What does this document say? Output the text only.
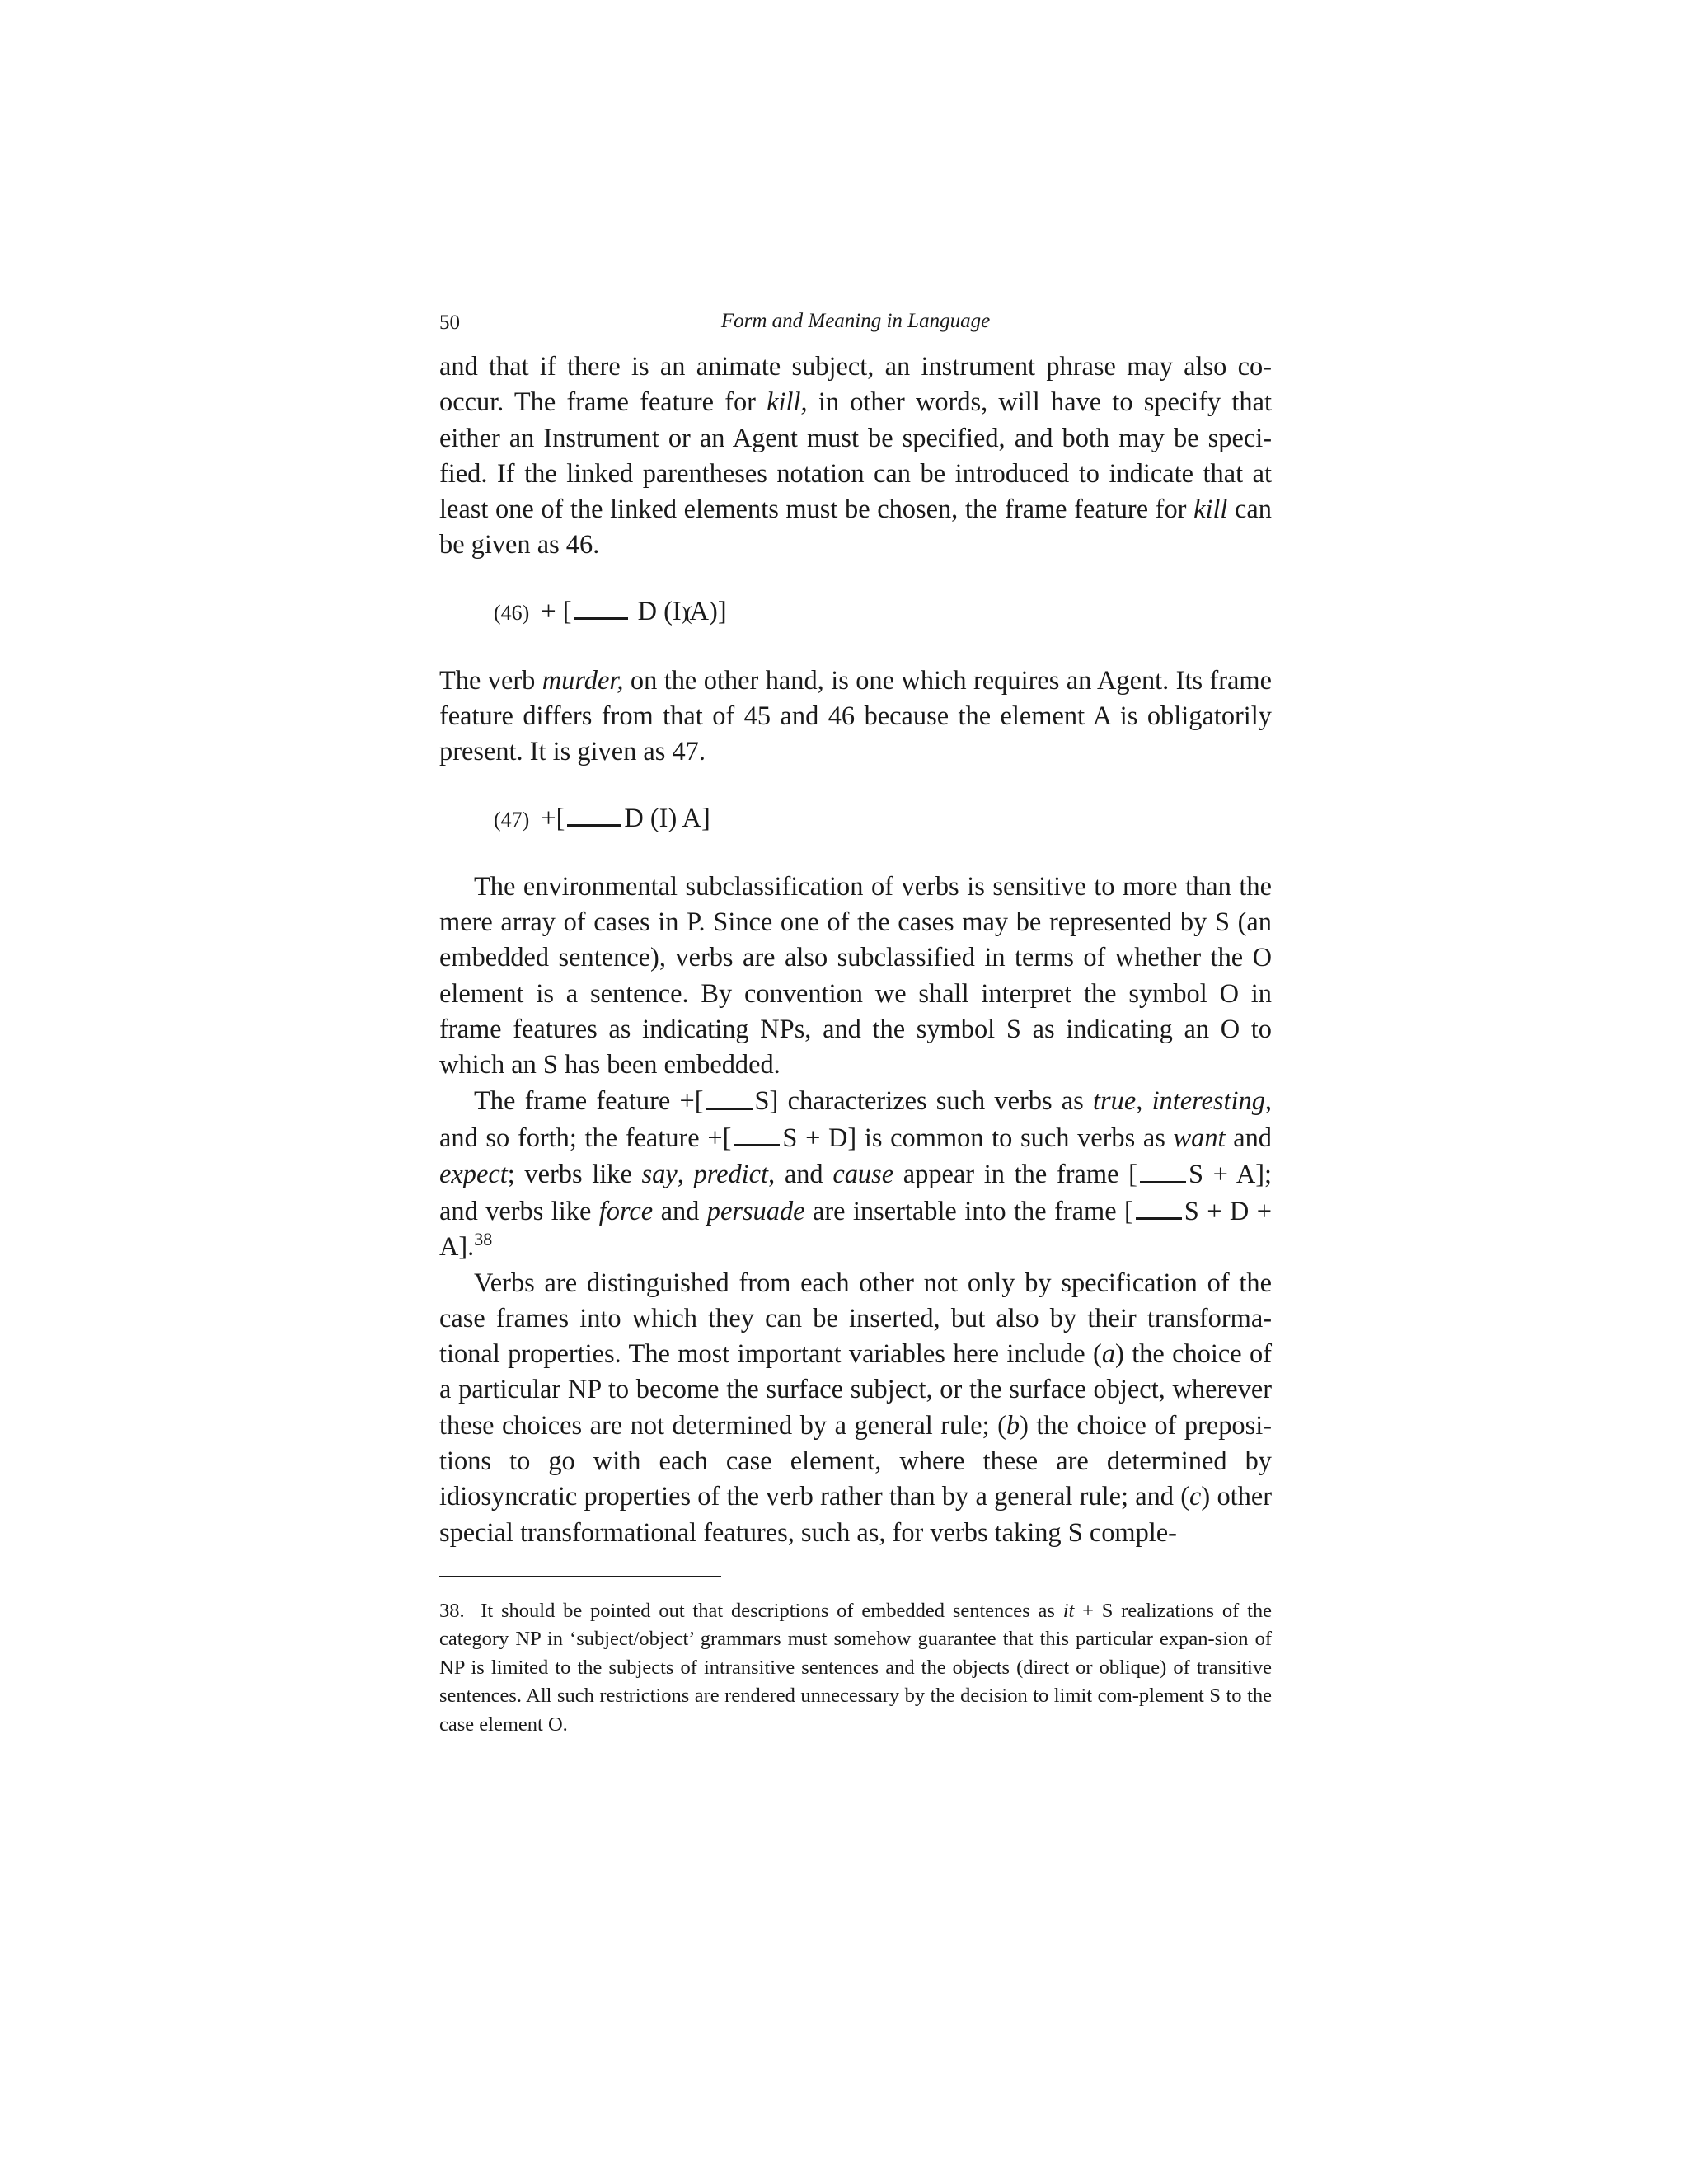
50	Form and Meaning in Language

and that if there is an animate subject, an instrument phrase may also co-occur. The frame feature for kill, in other words, will have to specify that either an Instrument or an Agent must be specified, and both may be speci-fied. If the linked parentheses notation can be introduced to indicate that at least one of the linked elements must be chosen, the frame feature for kill can be given as 46.

(46) + [ D (I)(A)]

The verb murder, on the other hand, is one which requires an Agent. Its frame feature differs from that of 45 and 46 because the element A is obligatorily present. It is given as 47.

(47) +[ D (I) A]

The environmental subclassification of verbs is sensitive to more than the mere array of cases in P. Since one of the cases may be represented by S (an embedded sentence), verbs are also subclassified in terms of whether the O element is a sentence. By convention we shall interpret the symbol O in frame features as indicating NPs, and the symbol S as indicating an O to which an S has been embedded.

The frame feature +[ S] characterizes such verbs as true, interesting, and so forth; the feature +[ S + D] is common to such verbs as want and expect; verbs like say, predict, and cause appear in the frame [ S + A]; and verbs like force and persuade are insertable into the frame [ S + D + A].$^{38}$

Verbs are distinguished from each other not only by specification of the case frames into which they can be inserted, but also by their transforma-tional properties. The most important variables here include (a) the choice of a particular NP to become the surface subject, or the surface object, wherever these choices are not determined by a general rule; (b) the choice of preposi-tions to go with each case element, where these are determined by idiosyncratic properties of the verb rather than by a general rule; and (c) other special transformational features, such as, for verbs taking S comple-

38. It should be pointed out that descriptions of embedded sentences as it + S realizations of the category NP in ‘subject/object’ grammars must somehow guarantee that this particular expan-sion of NP is limited to the subjects of intransitive sentences and the objects (direct or oblique) of transitive sentences. All such restrictions are rendered unnecessary by the decision to limit com-plement S to the case element O.
